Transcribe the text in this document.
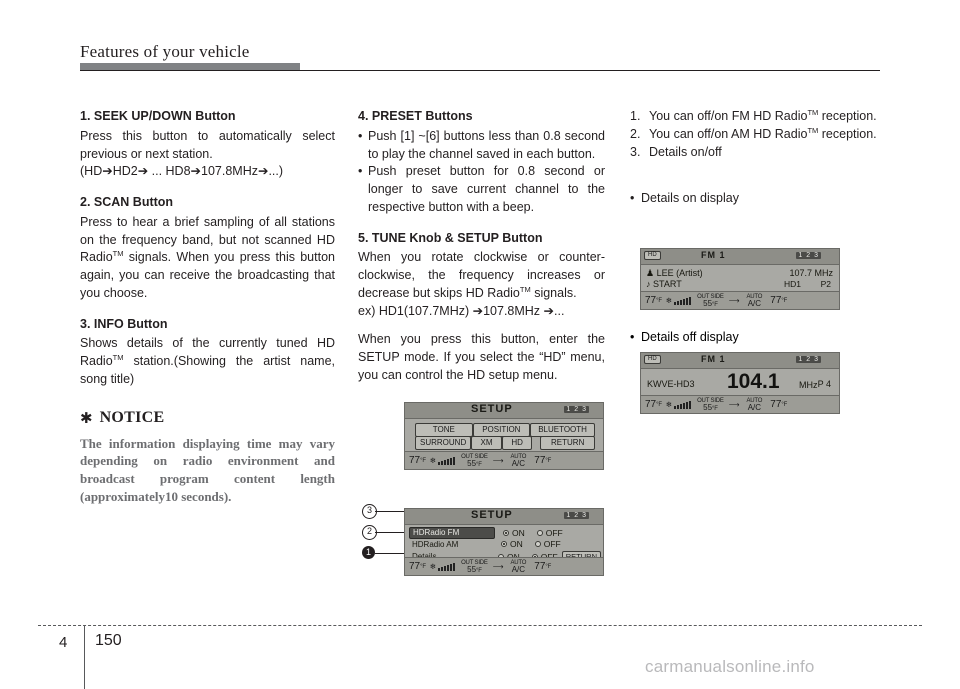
Features of your vehicle
1. SEEK UP/DOWN Button

Press this button to automatically select previous or next station.

(HD➔HD2➔ ... HD8➔107.8MHz➔...)

2. SCAN Button

Press to hear a brief sampling of all stations on the frequency band, but not scanned HD Radio™ signals. When you press this button again, you can receive the broadcasting that you choose.

3. INFO Button

Shows details of the currently tuned HD Radio™ station.(Showing the artist name, song title)

✱ NOTICE

The information displaying time may vary depending on radio environment and broadcast program content length (approximately10 seconds).

4. PRESET Buttons

• Push [1] ~[6] buttons less than 0.8 second to play the channel saved in each button.

• Push preset button for 0.8 second or longer to save current channel to the respective button with a beep.

5. TUNE Knob & SETUP Button

When you rotate clockwise or counter-clockwise, the frequency increases or decrease but skips HD Radio™ signals.

ex) HD1(107.7MHz) ➔107.8MHz ➔...

When you press this button, enter the SETUP mode. If you select the “HD” menu, you can control the HD setup menu.

1. You can off/on FM HD Radio™ reception.
2. You can off/on AM HD Radio™ reception.
3. Details on/off
• Details on display
HD	FM 1	1 2 3
♟ LEE (Artist)	107.7 MHz
♪ START	HD1 P2
77 °F ❄	OUT SIDE
55°F	⟶ AUTO
A/C 77 °F
• Details off display
HD	FM 1	1 2 3
KWVE-HD3 104.1 MHz P 4
77 °F ❄	OUT SIDE
55°F	⟶ AUTO
A/C 77 °F
SETUP	1 2 3
TONE	POSITION	BLUETOOTH
SURROUND	XM	HD	RETURN
77 °F ❄	OUT SIDE
55°F	⟶ AUTO
A/C 77 °F
SETUP	1 2 3
HDRadio FM	ON OFF
HDRadio AM	ON OFF
77 °F ❄	OUT SIDE
55°F	⟶ AUTO
A/C 77 °F
3
2
1
4 150
carmanualsonline.info
